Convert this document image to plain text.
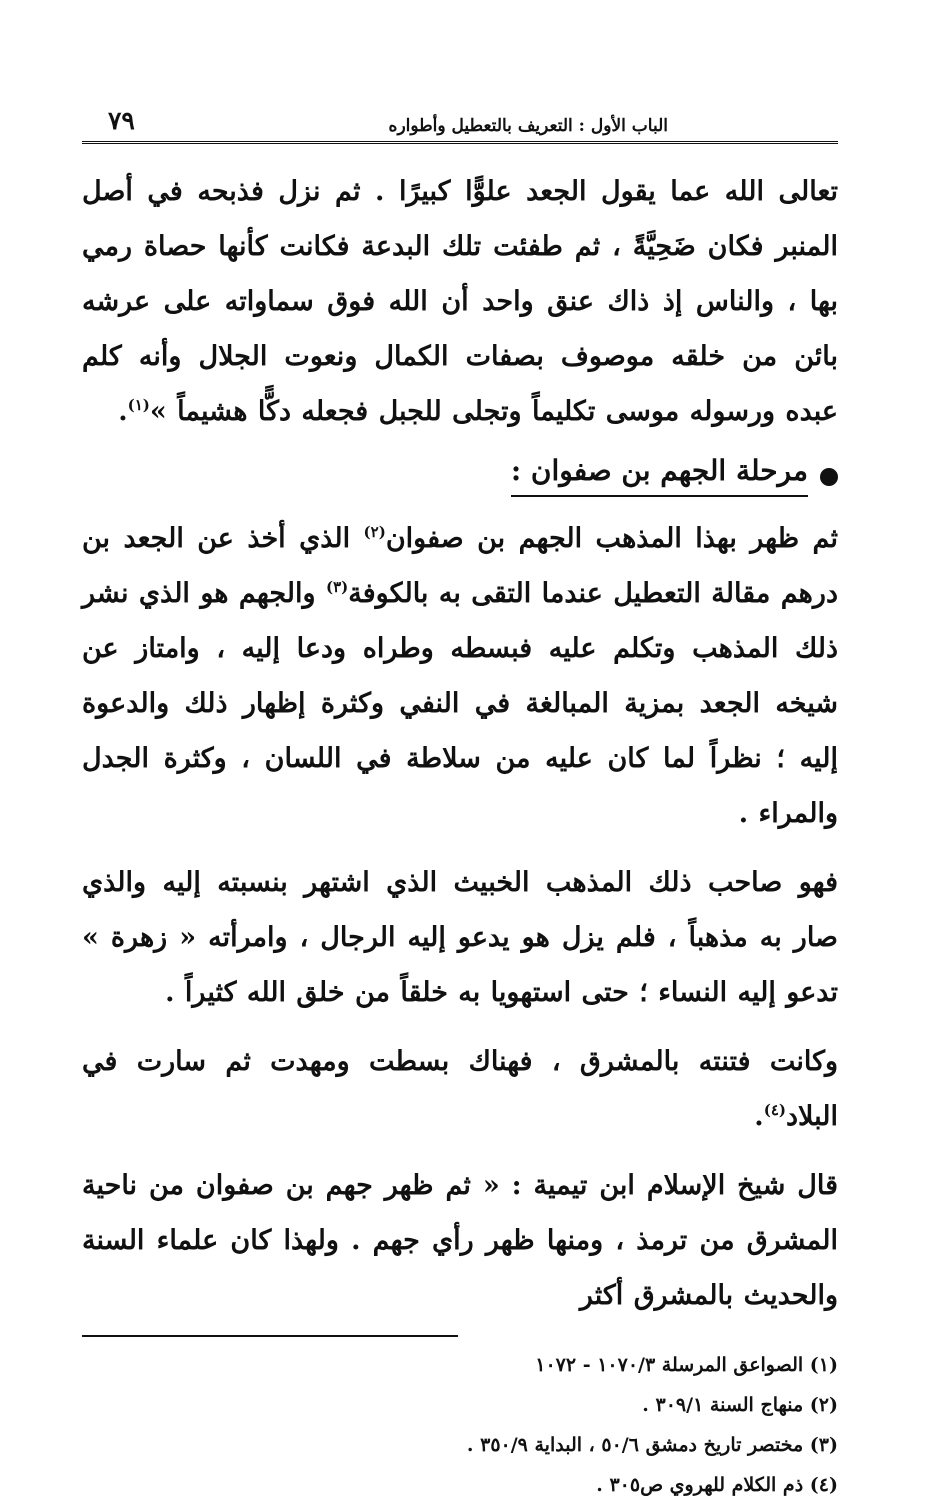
الباب الأول : التعريف بالتعطيل وأطواره
٧٩

تعالى الله عما يقول الجعد علوًّا كبيرًا . ثم نزل فذبحه في أصل المنبر فكان ضَحِيَّةً ، ثم طفئت تلك البدعة فكانت كأنها حصاة رمي بها ، والناس إذ ذاك عنق واحد أن الله فوق سماواته على عرشه بائن من خلقه موصوف بصفات الكمال ونعوت الجلال وأنه كلم عبده ورسوله موسى تكليماً وتجلى للجبل فجعله دكًّا هشيماً »$^{(١)}$.

مرحلة الجهم بن صفوان :

ثم ظهر بهذا المذهب الجهم بن صفوان$^{(٢)}$ الذي أخذ عن الجعد بن درهم مقالة التعطيل عندما التقى به بالكوفة$^{(٣)}$ والجهم هو الذي نشر ذلك المذهب وتكلم عليه فبسطه وطراه ودعا إليه ، وامتاز عن شيخه الجعد بمزية المبالغة في النفي وكثرة إظهار ذلك والدعوة إليه ؛ نظراً لما كان عليه من سلاطة في اللسان ، وكثرة الجدل والمراء .

فهو صاحب ذلك المذهب الخبيث الذي اشتهر بنسبته إليه والذي صار به مذهباً ، فلم يزل هو يدعو إليه الرجال ، وامرأته « زهرة » تدعو إليه النساء ؛ حتى استهويا به خلقاً من خلق الله كثيراً .

وكانت فتنته بالمشرق ، فهناك بسطت ومهدت ثم سارت في البلاد$^{(٤)}$.

قال شيخ الإسلام ابن تيمية : « ثم ظهر جهم بن صفوان من ناحية المشرق من ترمذ ، ومنها ظهر رأي جهم . ولهذا كان علماء السنة والحديث بالمشرق أكثر

(١) الصواعق المرسلة ١٠٧٠/٣ - ١٠٧٢

(٢) منهاج السنة ٣٠٩/١ .

(٣) مختصر تاريخ دمشق ٥٠/٦ ، البداية ٣٥٠/٩ .

(٤) ذم الكلام للهروي ص٣٠٥ .
